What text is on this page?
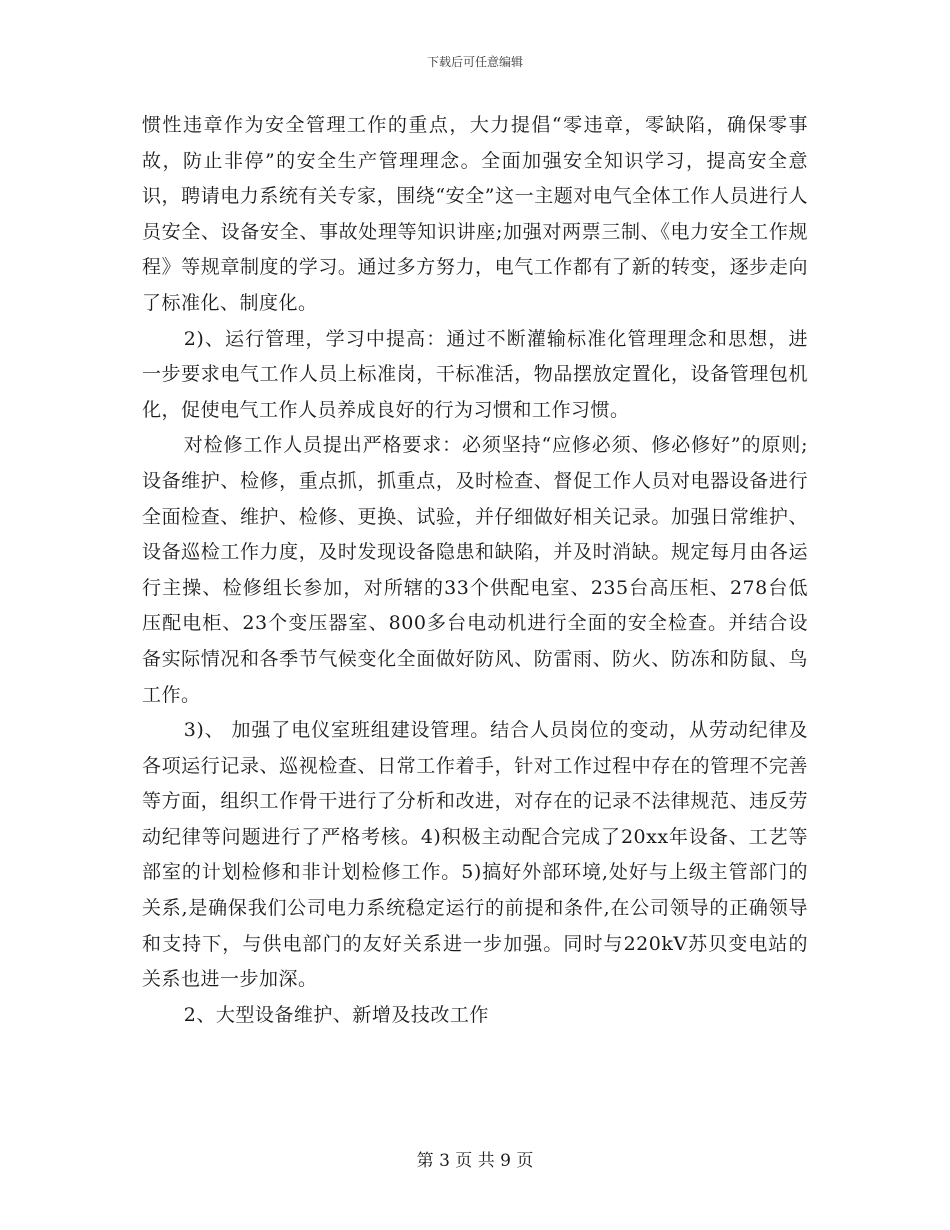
下载后可任意编辑

惯性违章作为安全管理工作的重点，大力提倡“零违章，零缺陷，确保零事故，防止非停”的安全生产管理理念。全面加强安全知识学习，提高安全意识，聘请电力系统有关专家，围绕“安全”这一主题对电气全体工作人员进行人员安全、设备安全、事故处理等知识讲座;加强对两票三制、《电力安全工作规程》等规章制度的学习。通过多方努力，电气工作都有了新的转变，逐步走向了标准化、制度化。

2)、运行管理，学习中提高：通过不断灌输标准化管理理念和思想，进一步要求电气工作人员上标准岗，干标准活，物品摆放定置化，设备管理包机化，促使电气工作人员养成良好的行为习惯和工作习惯。

对检修工作人员提出严格要求：必须坚持“应修必须、修必修好”的原则;设备维护、检修，重点抓，抓重点，及时检查、督促工作人员对电器设备进行全面检查、维护、检修、更换、试验，并仔细做好相关记录。加强日常维护、设备巡检工作力度，及时发现设备隐患和缺陷，并及时消缺。规定每月由各运行主操、检修组长参加，对所辖的33个供配电室、235台高压柜、278台低压配电柜、23个变压器室、800多台电动机进行全面的安全检查。并结合设备实际情况和各季节气候变化全面做好防风、防雷雨、防火、防冻和防鼠、鸟工作。

3)、 加强了电仪室班组建设管理。结合人员岗位的变动，从劳动纪律及各项运行记录、巡视检查、日常工作着手，针对工作过程中存在的管理不完善等方面，组织工作骨干进行了分析和改进，对存在的记录不法律规范、违反劳动纪律等问题进行了严格考核。4)积极主动配合完成了20xx年设备、工艺等部室的计划检修和非计划检修工作。5)搞好外部环境,处好与上级主管部门的关系,是确保我们公司电力系统稳定运行的前提和条件,在公司领导的正确领导和支持下，与供电部门的友好关系进一步加强。同时与220kV苏贝变电站的关系也进一步加深。

2、大型设备维护、新增及技改工作

第 3 页 共 9 页
